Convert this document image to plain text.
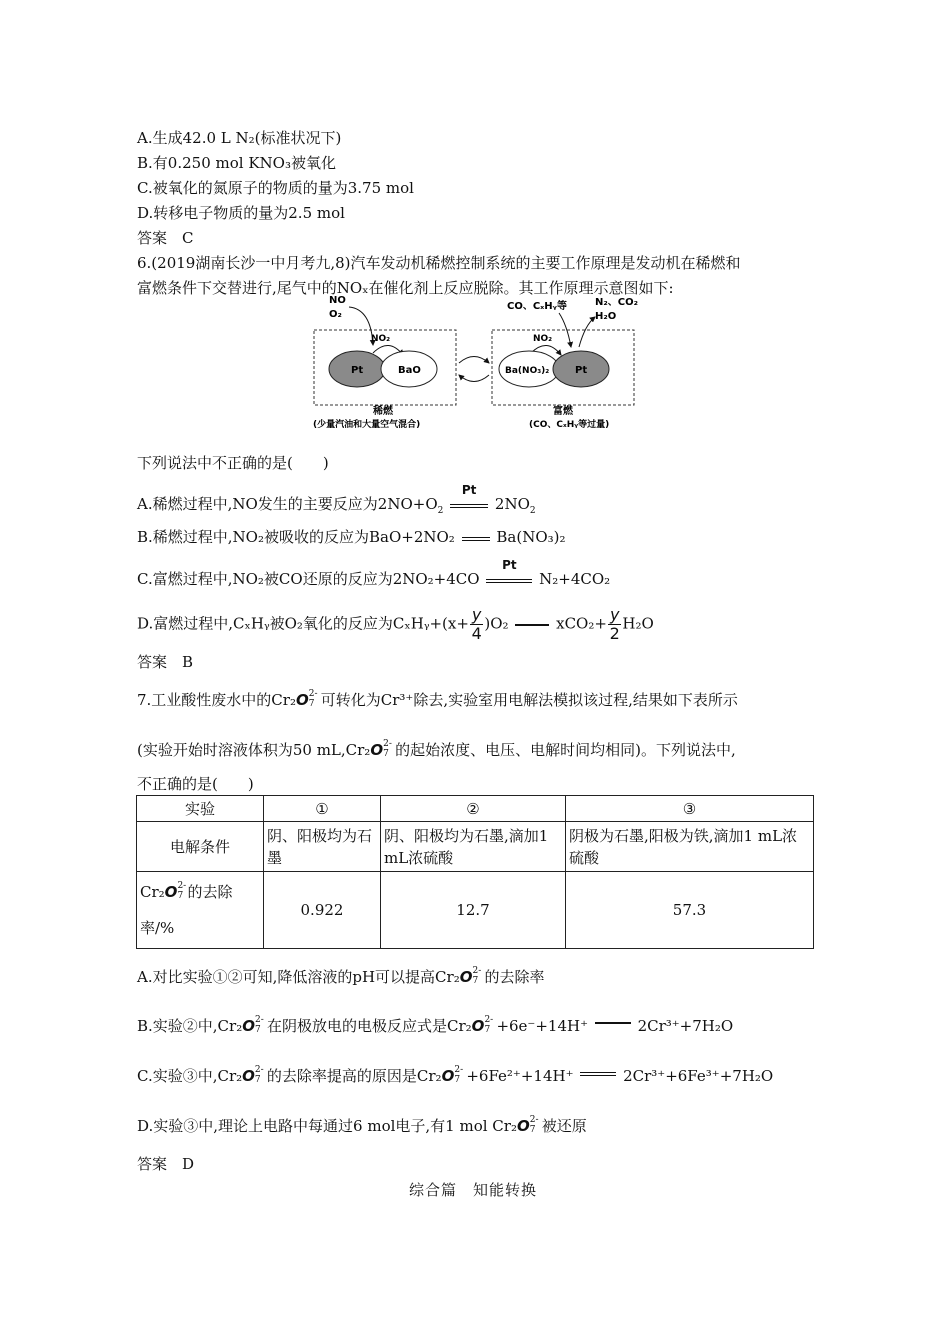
A.生成42.0 L N₂(标准状况下)
B.有0.250 mol KNO₃被氧化
C.被氧化的氮原子的物质的量为3.75 mol
D.转移电子物质的量为2.5 mol
答案　C
6.(2019湖南长沙一中月考九,8)汽车发动机稀燃控制系统的主要工作原理是发动机在稀燃和
富燃条件下交替进行,尾气中的NOₓ在催化剂上反应脱除。其工作原理示意图如下:
NO
O₂
NO₂
Pt	BaO
稀燃
(少量汽油和大量空气混合)
CO、CₓHᵧ等	N₂、CO₂
H₂O
NO₂
Ba(NO₃)₂	Pt
富燃
(CO、CₓHᵧ等过量)
下列说法中不正确的是(　　)
A.稀燃过程中,NO发生的主要反应为$2NO+O_2$
Pt
$2NO_2$
B.稀燃过程中,NO₂被吸收的反应为BaO+2NO₂	Ba(NO₃)₂
C.富燃过程中,NO₂被CO还原的反应为2NO₂+4CO
Pt
N₂+4CO₂
D.富燃过程中,CₓHᵧ被O₂氧化的反应为CₓHᵧ+(x+ $\frac{y}{4} )O_2$	$xCO_2+ \frac{y}{2} H_2O$
答案　B
7.工业酸性废水中的Cr₂O 2-
7 可转化为Cr³⁺除去,实验室用电解法模拟该过程,结果如下表所示
(实验开始时溶液体积为50 mL,Cr₂O 2-
7 的起始浓度、电压、电解时间均相同)。下列说法中,
不正确的是(　　)
实验	①	②	③
电解条件	阴、阳极均为石墨	阴、阳极均为石墨,滴加1 mL浓硫酸	阴极为石墨,阳极为铁,滴加1 mL浓硫酸
Cr₂O 2-
7 的去除率/%	0.922	12.7	57.3
A.对比实验①②可知,降低溶液的pH可以提高Cr₂O 2-
7 的去除率
B.实验②中,Cr₂O 2-
7 在阴极放电的电极反应式是Cr₂O 2-
7 +6e⁻+14H⁺	2Cr³⁺+7H₂O
C.实验③中,Cr₂O 2-
7 的去除率提高的原因是Cr₂O 2-
7 +6Fe²⁺+14H⁺	2Cr³⁺+6Fe³⁺+7H₂O
D.实验③中,理论上电路中每通过6 mol电子,有1 mol Cr₂O 2-
7 被还原
答案　D
综合篇　知能转换
